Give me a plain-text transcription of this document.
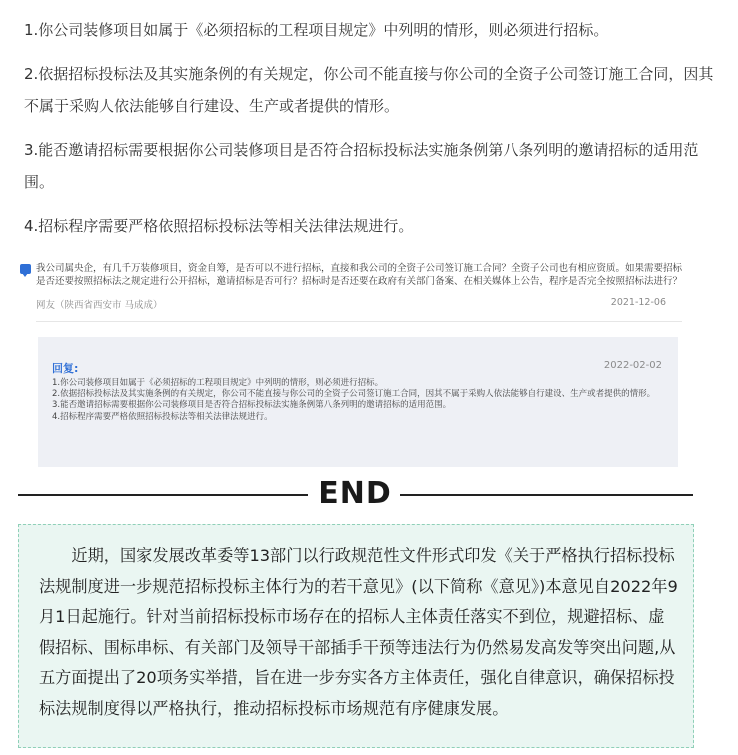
1.你公司装修项目如属于《必须招标的工程项目规定》中列明的情形，则必须进行招标。

2.依据招标投标法及其实施条例的有关规定，你公司不能直接与你公司的全资子公司签订施工合同，因其不属于采购人依法能够自行建设、生产或者提供的情形。

3.能否邀请招标需要根据你公司装修项目是否符合招标投标法实施条例第八条列明的邀请招标的适用范围。

4.招标程序需要严格依照招标投标法等相关法律法规进行。

我公司属央企，有几千万装修项目，资金自筹，是否可以不进行招标，直接和我公司的全资子公司签订施工合同？全资子公司也有相应资质。如果需要招标是否还要按照招标法之规定进行公开招标，邀请招标是否可行？招标时是否还要在政府有关部门备案、在相关媒体上公告，程序是否完全按照招标法进行？

网友（陕西省西安市 马成成）	2021-12-06
回复:	2022-02-02
1.你公司装修项目如属于《必须招标的工程项目规定》中列明的情形，则必须进行招标。
2.依据招标投标法及其实施条例的有关规定，你公司不能直接与你公司的全资子公司签订施工合同，因其不属于采购人依法能够自行建设、生产或者提供的情形。
3.能否邀请招标需要根据你公司装修项目是否符合招标投标法实施条例第八条列明的邀请招标的适用范围。
4.招标程序需要严格依照招标投标法等相关法律法规进行。
END

近期，国家发展改革委等13部门以行政规范性文件形式印发《关于严格执行招标投标法规制度进一步规范招标投标主体行为的若干意见》(以下简称《意见》)本意见自2022年9月1日起施行。针对当前招标投标市场存在的招标人主体责任落实不到位，规避招标、虚假招标、围标串标、有关部门及领导干部插手干预等违法行为仍然易发高发等突出问题,从五方面提出了20项务实举措，旨在进一步夯实各方主体责任，强化自律意识，确保招标投标法规制度得以严格执行，推动招标投标市场规范有序健康发展。
